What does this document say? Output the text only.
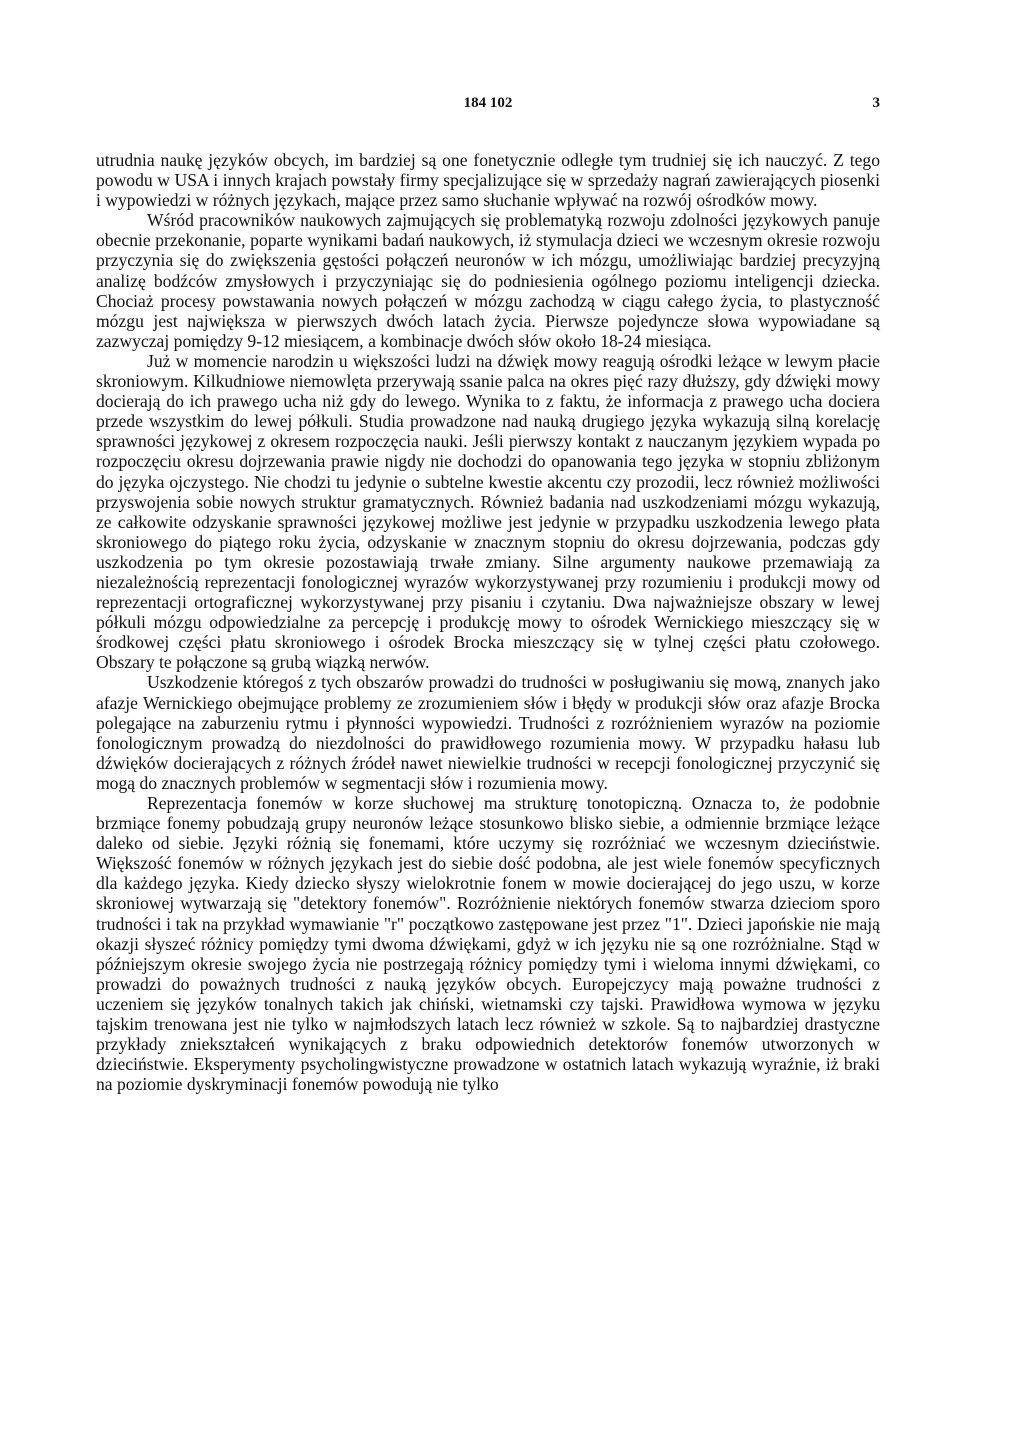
184 102	3

utrudnia naukę języków obcych, im bardziej są one fonetycznie odległe tym trudniej się ich nauczyć. Z tego powodu w USA i innych krajach powstały firmy specjalizujące się w sprzedaży nagrań zawierających piosenki i wypowiedzi w różnych językach, mające przez samo słuchanie wpływać na rozwój ośrodków mowy.

Wśród pracowników naukowych zajmujących się problematyką rozwoju zdolności językowych panuje obecnie przekonanie, poparte wynikami badań naukowych, iż stymulacja dzieci we wczesnym okresie rozwoju przyczynia się do zwiększenia gęstości połączeń neuronów w ich mózgu, umożliwiając bardziej precyzyjną analizę bodźców zmysłowych i przyczyniając się do podniesienia ogólnego poziomu inteligencji dziecka. Chociaż procesy powstawania nowych połączeń w mózgu zachodzą w ciągu całego życia, to plastyczność mózgu jest największa w pierwszych dwóch latach życia. Pierwsze pojedyncze słowa wypowiadane są zazwyczaj pomiędzy 9-12 miesiącem, a kombinacje dwóch słów około 18-24 miesiąca.

Już w momencie narodzin u większości ludzi na dźwięk mowy reagują ośrodki leżące w lewym płacie skroniowym. Kilkudniowe niemowlęta przerywają ssanie palca na okres pięć razy dłuższy, gdy dźwięki mowy docierają do ich prawego ucha niż gdy do lewego. Wynika to z faktu, że informacja z prawego ucha dociera przede wszystkim do lewej półkuli. Studia prowadzone nad nauką drugiego języka wykazują silną korelację sprawności językowej z okresem rozpoczęcia nauki. Jeśli pierwszy kontakt z nauczanym językiem wypada po rozpoczęciu okresu dojrzewania prawie nigdy nie dochodzi do opanowania tego języka w stopniu zbliżonym do języka ojczystego. Nie chodzi tu jedynie o subtelne kwestie akcentu czy prozodii, lecz również możliwości przyswojenia sobie nowych struktur gramatycznych. Również badania nad uszkodzeniami mózgu wykazują, ze całkowite odzyskanie sprawności językowej możliwe jest jedynie w przypadku uszkodzenia lewego płata skroniowego do piątego roku życia, odzyskanie w znacznym stopniu do okresu dojrzewania, podczas gdy uszkodzenia po tym okresie pozostawiają trwałe zmiany. Silne argumenty naukowe przemawiają za niezależnością reprezentacji fonologicznej wyrazów wykorzystywanej przy rozumieniu i produkcji mowy od reprezentacji ortograficznej wykorzystywanej przy pisaniu i czytaniu. Dwa najważniejsze obszary w lewej półkuli mózgu odpowiedzialne za percepcję i produkcję mowy to ośrodek Wernickiego mieszczący się w środkowej części płatu skroniowego i ośrodek Brocka mieszczący się w tylnej części płatu czołowego. Obszary te połączone są grubą wiązką nerwów.

Uszkodzenie któregoś z tych obszarów prowadzi do trudności w posługiwaniu się mową, znanych jako afazje Wernickiego obejmujące problemy ze zrozumieniem słów i błędy w produkcji słów oraz afazje Brocka polegające na zaburzeniu rytmu i płynności wypowiedzi. Trudności z rozróżnieniem wyrazów na poziomie fonologicznym prowadzą do niezdolności do prawidłowego rozumienia mowy. W przypadku hałasu lub dźwięków docierających z różnych źródeł nawet niewielkie trudności w recepcji fonologicznej przyczynić się mogą do znacznych problemów w segmentacji słów i rozumienia mowy.

Reprezentacja fonemów w korze słuchowej ma strukturę tonotopiczną. Oznacza to, że podobnie brzmiące fonemy pobudzają grupy neuronów leżące stosunkowo blisko siebie, a odmiennie brzmiące leżące daleko od siebie. Języki różnią się fonemami, które uczymy się rozróżniać we wczesnym dzieciństwie. Większość fonemów w różnych językach jest do siebie dość podobna, ale jest wiele fonemów specyficznych dla każdego języka. Kiedy dziecko słyszy wielokrotnie fonem w mowie docierającej do jego uszu, w korze skroniowej wytwarzają się "detektory fonemów". Rozróżnienie niektórych fonemów stwarza dzieciom sporo trudności i tak na przykład wymawianie "r" początkowo zastępowane jest przez "1". Dzieci japońskie nie mają okazji słyszeć różnicy pomiędzy tymi dwoma dźwiękami, gdyż w ich języku nie są one rozróżnialne. Stąd w późniejszym okresie swojego życia nie postrzegają różnicy pomiędzy tymi i wieloma innymi dźwiękami, co prowadzi do poważnych trudności z nauką języków obcych. Europejczycy mają poważne trudności z uczeniem się języków tonalnych takich jak chiński, wietnamski czy tajski. Prawidłowa wymowa w języku tajskim trenowana jest nie tylko w najmłodszych latach lecz również w szkole. Są to najbardziej drastyczne przykłady zniekształceń wynikających z braku odpowiednich detektorów fonemów utworzonych w dzieciństwie. Eksperymenty psycholingwistyczne prowadzone w ostatnich latach wykazują wyraźnie, iż braki na poziomie dyskryminacji fonemów powodują nie tylko
